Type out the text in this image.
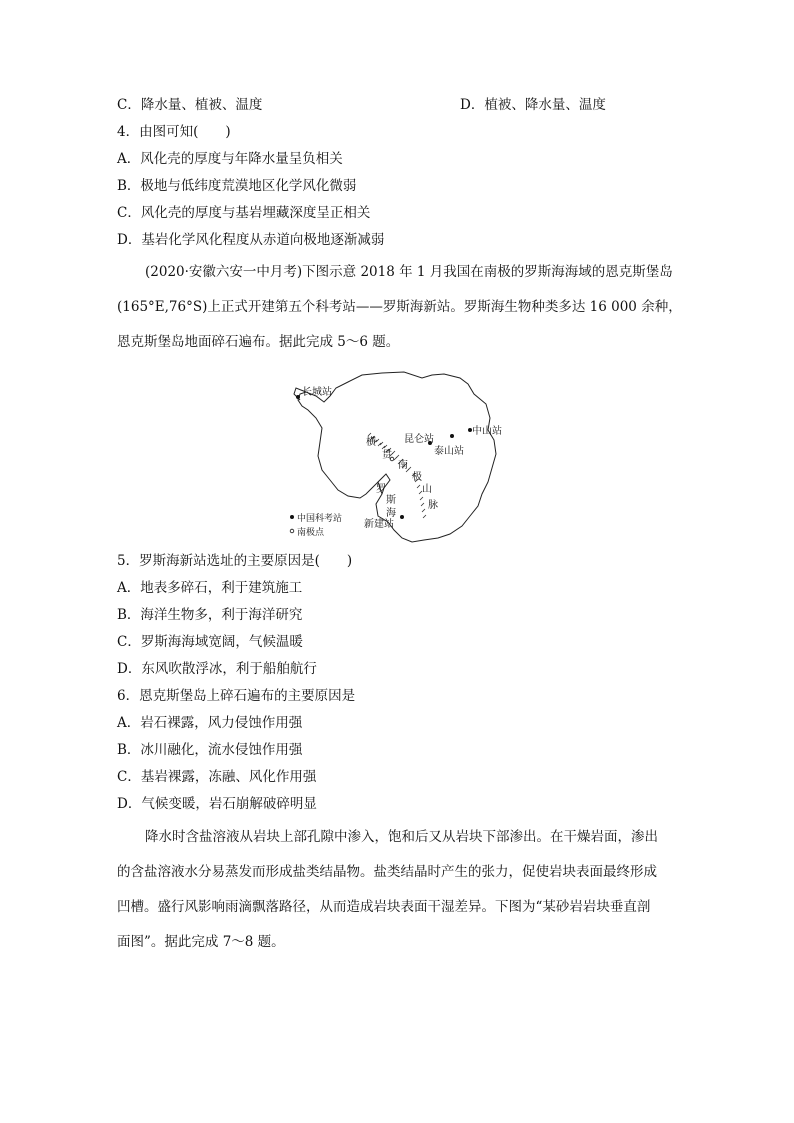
C．降水量、植被、温度	D．植被、降水量、温度
4．由图可知(　　)
A．风化壳的厚度与年降水量呈负相关
B．极地与低纬度荒漠地区化学风化微弱
C．风化壳的厚度与基岩埋藏深度呈正相关
D．基岩化学风化程度从赤道向极地逐渐减弱
(2020·安徽六安一中月考)下图示意 2018 年 1 月我国在南极的罗斯海海域的恩克斯堡岛
(165°E,76°S)上正式开建第五个科考站——罗斯海新站。罗斯海生物种类多达 16 000 余种，
恩克斯堡岛地面碎石遍布。据此完成 5～6 题。
长城站
昆仑站
中山站
泰山站
横
贯
南
极
山
脉
罗
斯
海
新建站
中国科考站
南极点
5．罗斯海新站选址的主要原因是(　　)
A．地表多碎石，利于建筑施工
B．海洋生物多，利于海洋研究
C．罗斯海海域宽阔，气候温暖
D．东风吹散浮冰，利于船舶航行
6．恩克斯堡岛上碎石遍布的主要原因是
A．岩石裸露，风力侵蚀作用强
B．冰川融化，流水侵蚀作用强
C．基岩裸露，冻融、风化作用强
D．气候变暖，岩石崩解破碎明显
降水时含盐溶液从岩块上部孔隙中渗入，饱和后又从岩块下部渗出。在干燥岩面，渗出
的含盐溶液水分易蒸发而形成盐类结晶物。盐类结晶时产生的张力，促使岩块表面最终形成
凹槽。盛行风影响雨滴飘落路径，从而造成岩块表面干湿差异。下图为“某砂岩岩块垂直剖
面图”。据此完成 7～8 题。
